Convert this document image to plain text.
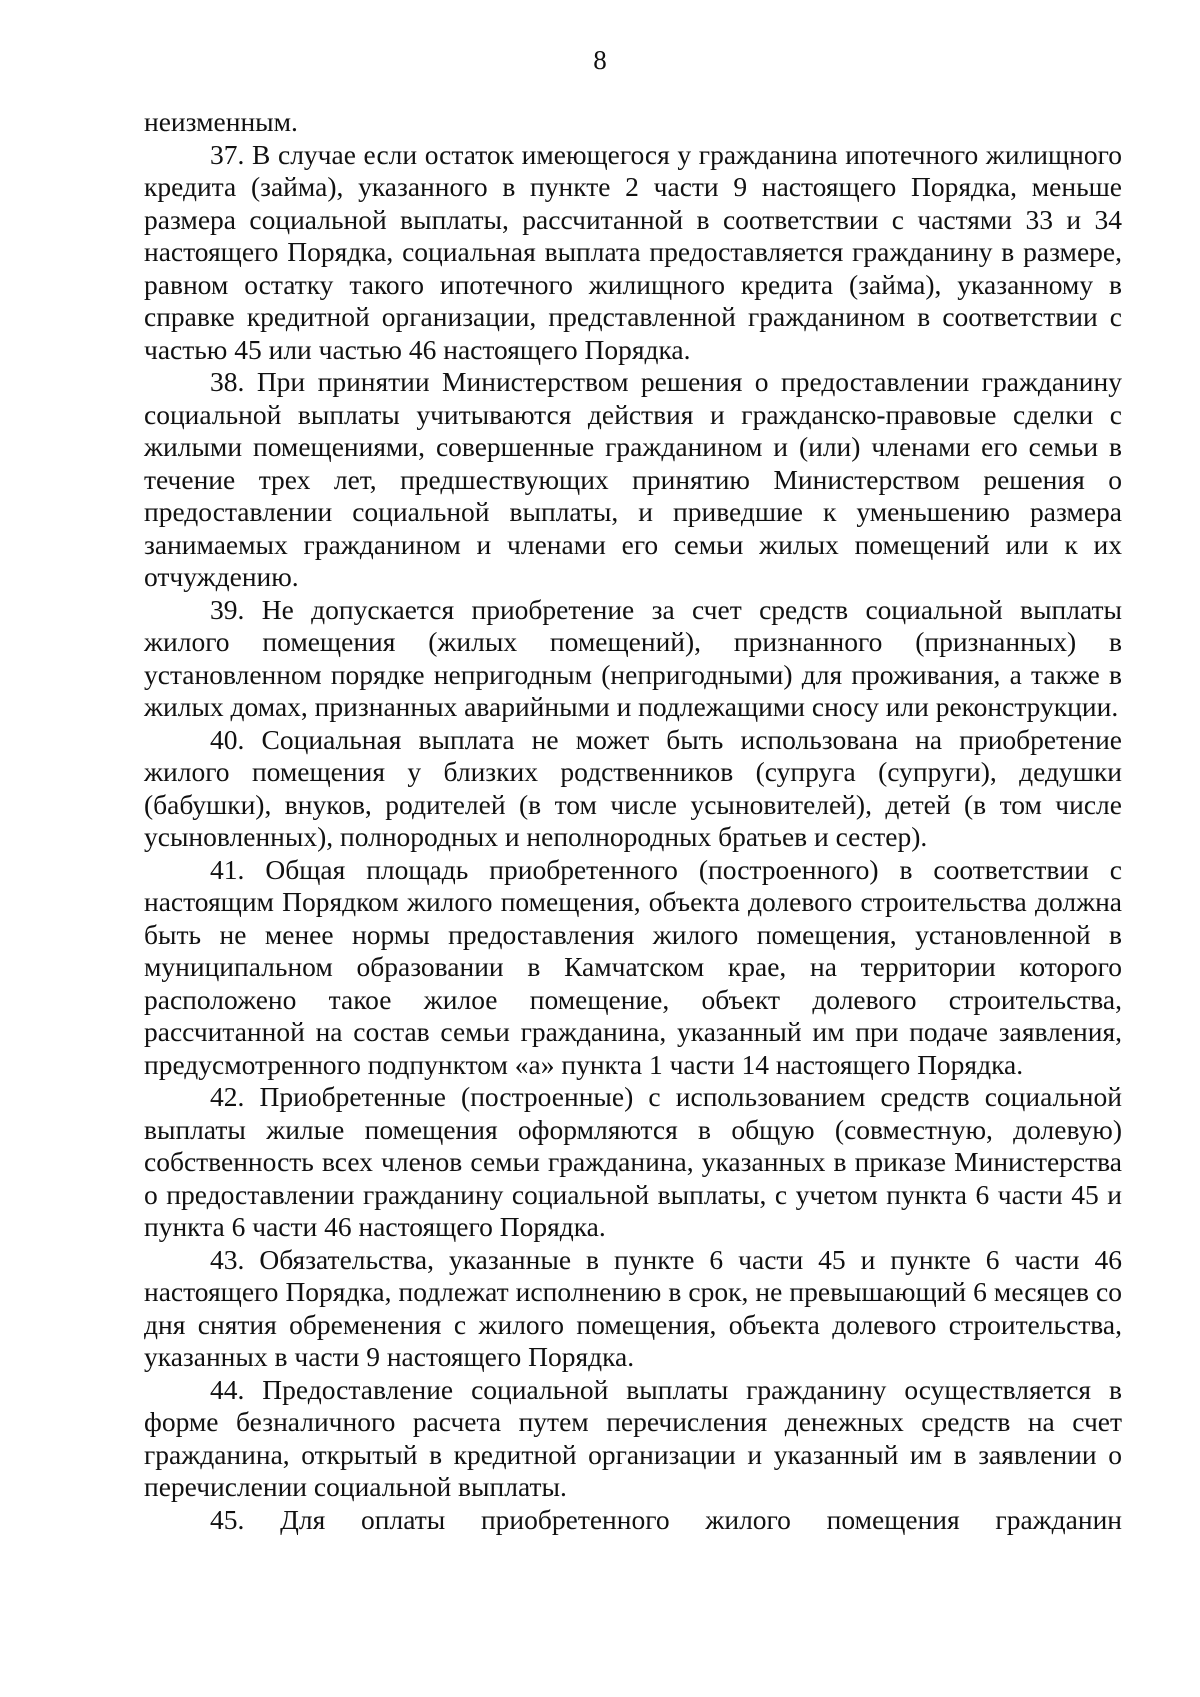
8

неизменным.

37. В случае если остаток имеющегося у гражданина ипотечного жилищного кредита (займа), указанного в пункте 2 части 9 настоящего Порядка, меньше размера социальной выплаты, рассчитанной в соответствии с частями 33 и 34 настоящего Порядка, социальная выплата предоставляется гражданину в размере, равном остатку такого ипотечного жилищного кредита (займа), указанному в справке кредитной организации, представленной гражданином в соответствии с частью 45 или частью 46 настоящего Порядка.

38. При принятии Министерством решения о предоставлении гражданину социальной выплаты учитываются действия и гражданско-правовые сделки с жилыми помещениями, совершенные гражданином и (или) членами его семьи в течение трех лет, предшествующих принятию Министерством решения о предоставлении социальной выплаты, и приведшие к уменьшению размера занимаемых гражданином и членами его семьи жилых помещений или к их отчуждению.

39. Не допускается приобретение за счет средств социальной выплаты жилого помещения (жилых помещений), признанного (признанных) в установленном порядке непригодным (непригодными) для проживания, а также в жилых домах, признанных аварийными и подлежащими сносу или реконструкции.

40. Социальная выплата не может быть использована на приобретение жилого помещения у близких родственников (супруга (супруги), дедушки (бабушки), внуков, родителей (в том числе усыновителей), детей (в том числе усыновленных), полнородных и неполнородных братьев и сестер).

41. Общая площадь приобретенного (построенного) в соответствии с настоящим Порядком жилого помещения, объекта долевого строительства должна быть не менее нормы предоставления жилого помещения, установленной в муниципальном образовании в Камчатском крае, на территории которого расположено такое жилое помещение, объект долевого строительства, рассчитанной на состав семьи гражданина, указанный им при подаче заявления, предусмотренного подпунктом «а» пункта 1 части 14 настоящего Порядка.

42. Приобретенные (построенные) с использованием средств социальной выплаты жилые помещения оформляются в общую (совместную, долевую) собственность всех членов семьи гражданина, указанных в приказе Министерства о предоставлении гражданину социальной выплаты, с учетом пункта 6 части 45 и пункта 6 части 46 настоящего Порядка.

43. Обязательства, указанные в пункте 6 части 45 и пункте 6 части 46 настоящего Порядка, подлежат исполнению в срок, не превышающий 6 месяцев со дня снятия обременения с жилого помещения, объекта долевого строительства, указанных в части 9 настоящего Порядка.

44. Предоставление социальной выплаты гражданину осуществляется в форме безналичного расчета путем перечисления денежных средств на счет гражданина, открытый в кредитной организации и указанный им в заявлении о перечислении социальной выплаты.

45. Для оплаты приобретенного жилого помещения гражданин
